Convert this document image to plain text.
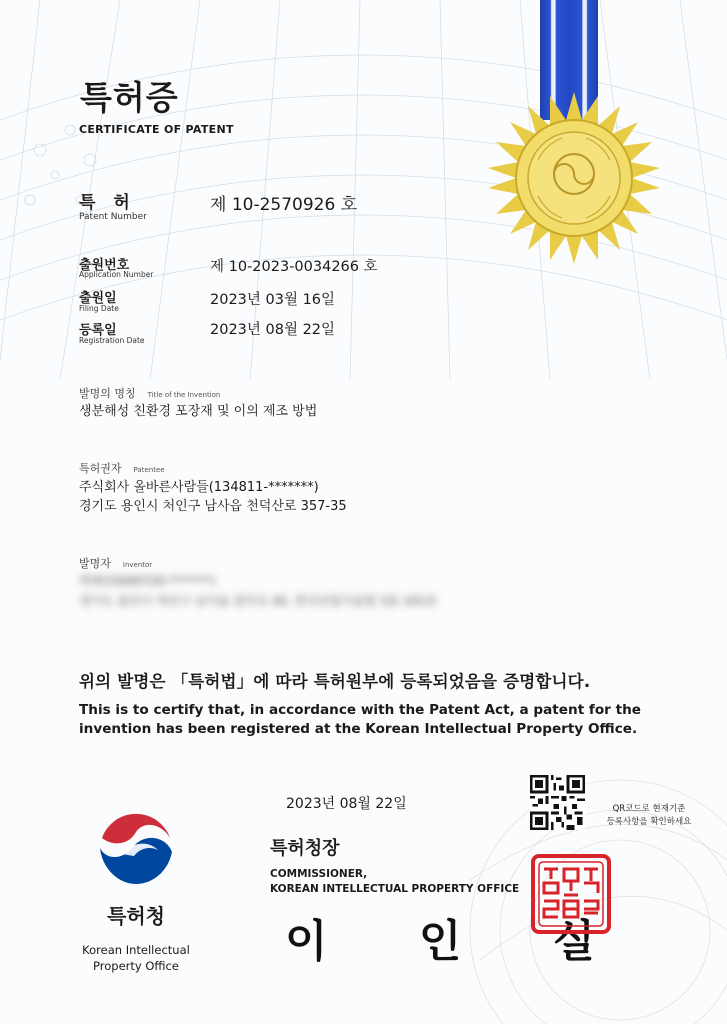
특허증
CERTIFICATE OF PATENT
특 허
Patent Number
제 10-2570926 호
출원번호
Application Number	제 10-2023-0034266 호
출원일
Filing Date
2023년 03월 16일
등록일
Registration Date
2023년 08월 22일
발명의 명칭 Title of the Invention
생분해성 친환경 포장재 및 이의 제조 방법
특허권자 Patentee
주식회사 올바른사람들(134811-*******)
경기도 용인시 처인구 남사읍 천덕산로 357-35
발명자 Inventor
박예진(640720-*******)
경기도 용인시 처인구 남사읍 봉무로 45, 한국산업기술원 3층 101호
위의 발명은 「특허법」에 따라 특허원부에 등록되었음을 증명합니다.
This is to certify that, in accordance with the Patent Act, a patent for the
invention has been registered at the Korean Intellectual Property Office.
2023년 08월 22일
특허청장
COMMISSIONER,
KOREAN INTELLECTUAL PROPERTY OFFICE
이 인 실
특허청
Korean Intellectual
Property Office
QR코드로 현재기준
등록사항을 확인하세요
